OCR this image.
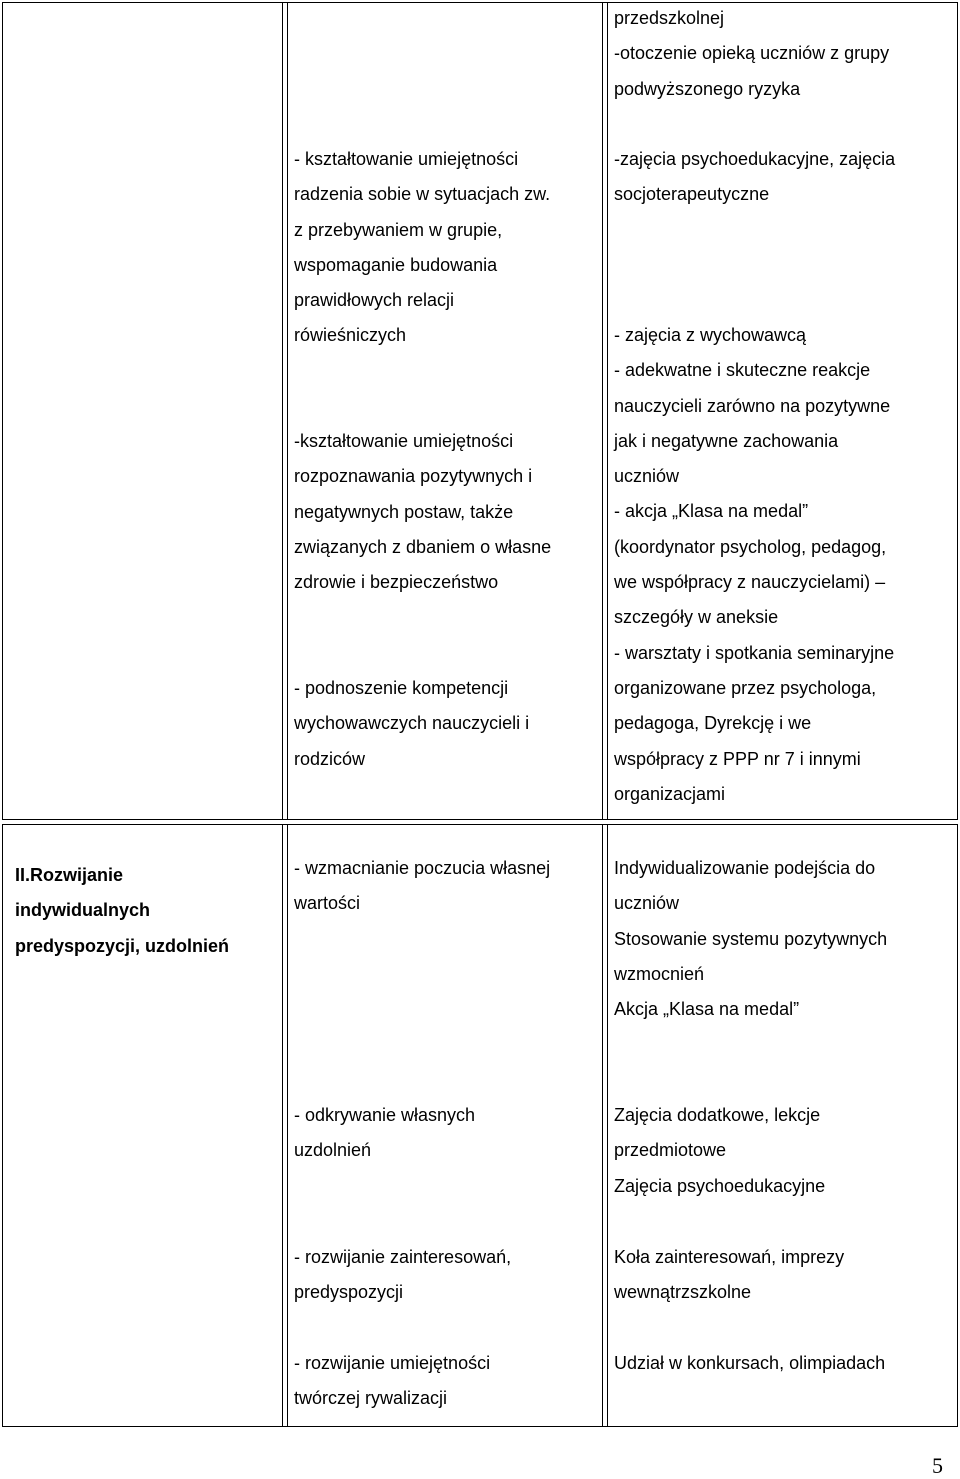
przedszkolnej
-otoczenie opieką uczniów z grupy
podwyższonego ryzyka
- kształtowanie umiejętności
radzenia sobie w sytuacjach zw.
z przebywaniem w grupie,
wspomaganie budowania
prawidłowych relacji
rówieśniczych
-kształtowanie umiejętności
rozpoznawania pozytywnych i
negatywnych postaw, także
związanych z dbaniem o własne
zdrowie i bezpieczeństwo
- podnoszenie kompetencji
wychowawczych nauczycieli i
rodziców
-zajęcia psychoedukacyjne, zajęcia
socjoterapeutyczne
- zajęcia z wychowawcą
- adekwatne i skuteczne reakcje
nauczycieli zarówno na pozytywne
jak i negatywne zachowania
uczniów
- akcja „Klasa na medal”
(koordynator psycholog, pedagog,
we współpracy z nauczycielami) –
szczegóły w aneksie
- warsztaty i spotkania seminaryjne
organizowane przez psychologa,
pedagoga, Dyrekcję i we
współpracy z PPP nr 7 i innymi
organizacjami
II.Rozwijanie
indywidualnych
predyspozycji, uzdolnień
- wzmacnianie poczucia własnej
wartości
Indywidualizowanie podejścia do
uczniów
Stosowanie systemu pozytywnych
wzmocnień
Akcja „Klasa na medal”
- odkrywanie własnych
uzdolnień
Zajęcia dodatkowe, lekcje
przedmiotowe
Zajęcia psychoedukacyjne
- rozwijanie zainteresowań,
predyspozycji
Koła zainteresowań, imprezy
wewnątrzszkolne
- rozwijanie umiejętności
twórczej rywalizacji
Udział w konkursach, olimpiadach
5
